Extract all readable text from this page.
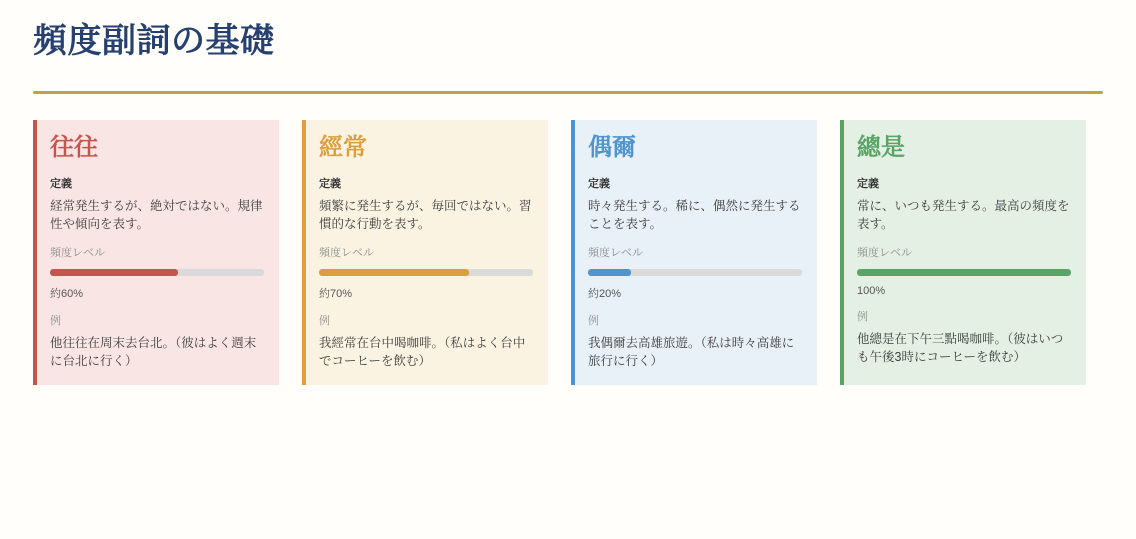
頻度副詞の基礎
往往
定義

経常発生するが、絶対ではない。規律性や傾向を表す。

頻度レベル
約60%
例

他往往在周末去台北。（彼はよく週末に台北に行く）

經常
定義

頻繁に発生するが、毎回ではない。習慣的な行動を表す。

頻度レベル
約70%
例

我經常在台中喝咖啡。（私はよく台中でコーヒーを飲む）

偶爾
定義

時々発生する。稀に、偶然に発生することを表す。

頻度レベル
約20%
例

我偶爾去高雄旅遊。（私は時々高雄に旅行に行く）

總是
定義

常に、いつも発生する。最高の頻度を表す。

頻度レベル
100%
例

他總是在下午三點喝咖啡。（彼はいつも午後3時にコーヒーを飲む）
